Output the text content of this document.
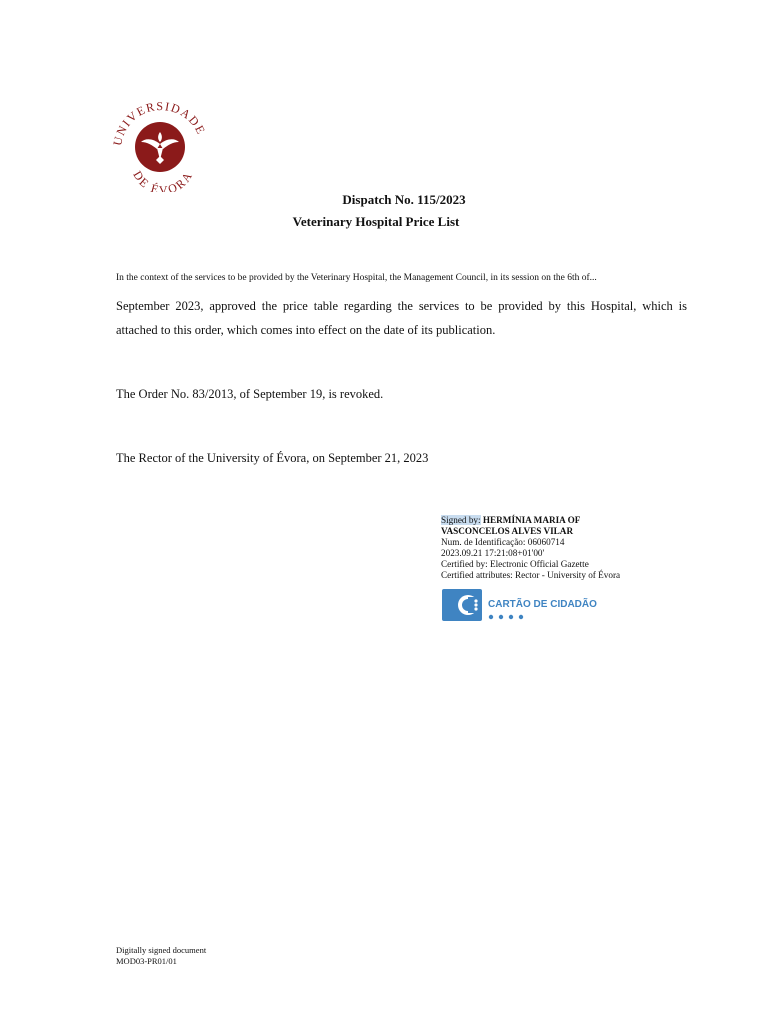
NIVERSIDADE
DE ÉVORA
Dispatch No. 115/2023
Veterinary Hospital Price List
In the context of the services to be provided by the Veterinary Hospital, the Management Council, in its session on the 6th of...
September 2023, approved the price table regarding the services to be provided by this Hospital, which is attached to this order, which comes into effect on the date of its publication.
The Order No. 83/2013, of September 19, is revoked.
The Rector of the University of Évora, on September 21, 2023
Signed by: HERMÍNIA MARIA OF VASCONCELOS ALVES VILAR
Num. de Identificação: 06060714
2023.09.21 17:21:08+01'00'
Certified by: Electronic Official Gazette
Certified attributes: Rector - University of Évora
CARTÃO DE CIDADÃO
Digitally signed document
MOD03-PR01/01
